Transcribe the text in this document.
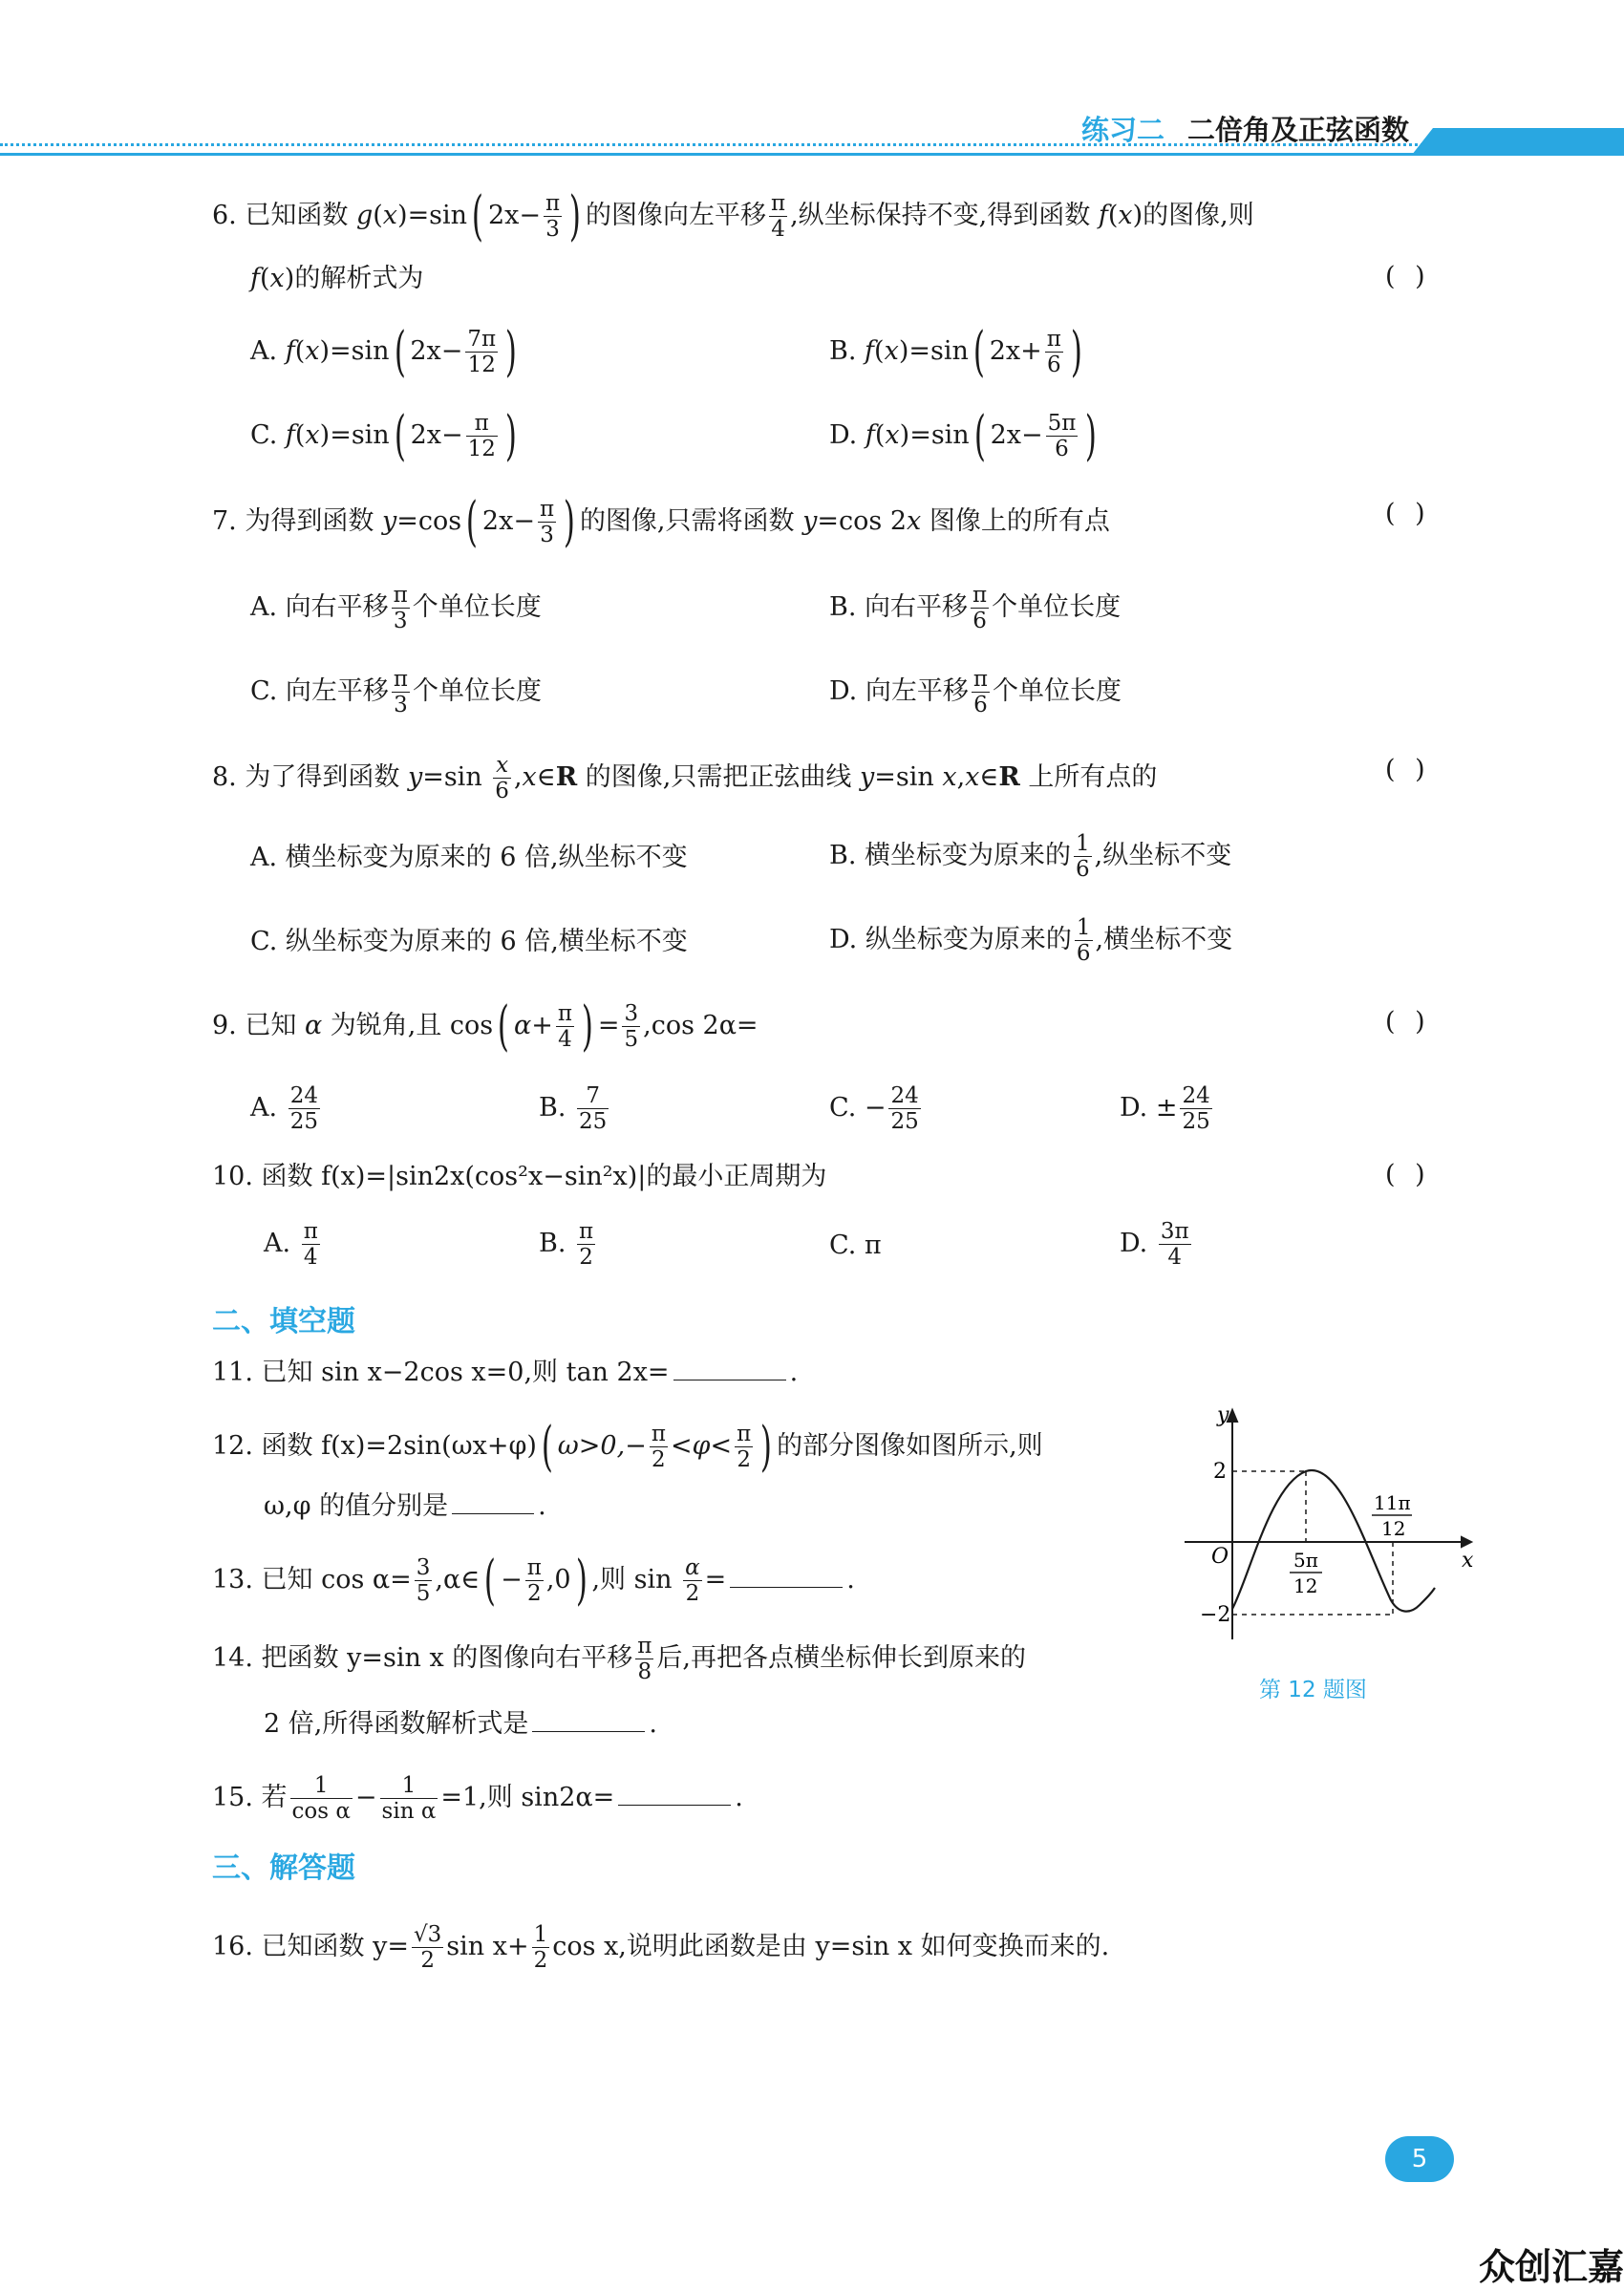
练习二 二倍角及正弦函数
6. 已知函数 g(x)=sin( $2x- \frac{\pi}{3}$ ) 的图像向左平移 $\frac{\pi}{4}$ ,纵坐标保持不变,得到函数 f(x)的图像,则
f(x)的解析式为	( )
A. f(x)=sin( $2x- \frac{7\pi}{12}$ )	B. f(x)=sin( $2x+ \frac{\pi}{6}$ )
C. f(x)=sin( $2x- \frac{\pi}{12}$ )	D. f(x)=sin( $2x- \frac{5\pi}{6}$ )
7. 为得到函数 y=cos( $2x- \frac{\pi}{3}$ ) 的图像,只需将函数 y=cos 2x 图像上的所有点	( )
A. 向右平移 $\frac{\pi}{3}$ 个单位长度	B. 向右平移 $\frac{\pi}{6}$ 个单位长度
C. 向左平移 $\frac{\pi}{3}$ 个单位长度	D. 向左平移 $\frac{\pi}{6}$ 个单位长度
8. 为了得到函数 $y=\sin \frac{x}{6}$ ,x∈R 的图像,只需把正弦曲线 y=sin x,x∈R 上所有点的	( )
A. 横坐标变为原来的 6 倍,纵坐标不变	B. 横坐标变为原来的 $\frac{1}{6}$ ,纵坐标不变
C. 纵坐标变为原来的 6 倍,横坐标不变	D. 纵坐标变为原来的 $\frac{1}{6}$ ,横坐标不变
9. 已知 α 为锐角,且 cos( $\alpha+ \frac{\pi}{4}$ ) = $\frac{3}{5} ,\cos$ 2α=	( )
A. $\frac{24}{25}$	B. $\frac{7}{25}$	C. − $\frac{24}{25}$	D. ± $\frac{24}{25}$
10. 函数 f(x)=|sin2x(cos²x−sin²x)|的最小正周期为	( )
A. $\frac{\pi}{4}$	B. $\frac{\pi}{2}$	C. π	D. $\frac{3\pi}{4}$
二、填空题
11. 已知 sin x−2cos x=0,则 tan 2x=	.
12. 函数 f(x)=2sin(ωx+φ)( $\omega>0,- \frac{\pi}{2} <\varphi< \frac{\pi}{2}$ ) 的部分图像如图所示,则
ω,φ 的值分别是	.
13. 已知 $\cos \alpha= \frac{3}{5}$ ,α∈( − $\frac{\pi}{2} ,0$) ,则 $\sin \frac{\alpha}{2}$ =	.
14. 把函数 y=sin x 的图像向右平移 $\frac{\pi}{8}$ 后,再把各点横坐标伸长到原来的
2 倍,所得函数解析式是	.
15. 若 $\frac{1}{\text{cos α}} - \frac{1}{\text{sin α}} =1$,则 sin2α=	.
三、解答题
16. 已知函数 $y= \frac{√3}{2}$ $\sin x+ \frac{1}{2}$ cos x,说明此函数是由 y=sin x 如何变换而来的.
y
x
O
2
−2
5π
12
11π
12
第 12 题图
5
众创汇嘉
